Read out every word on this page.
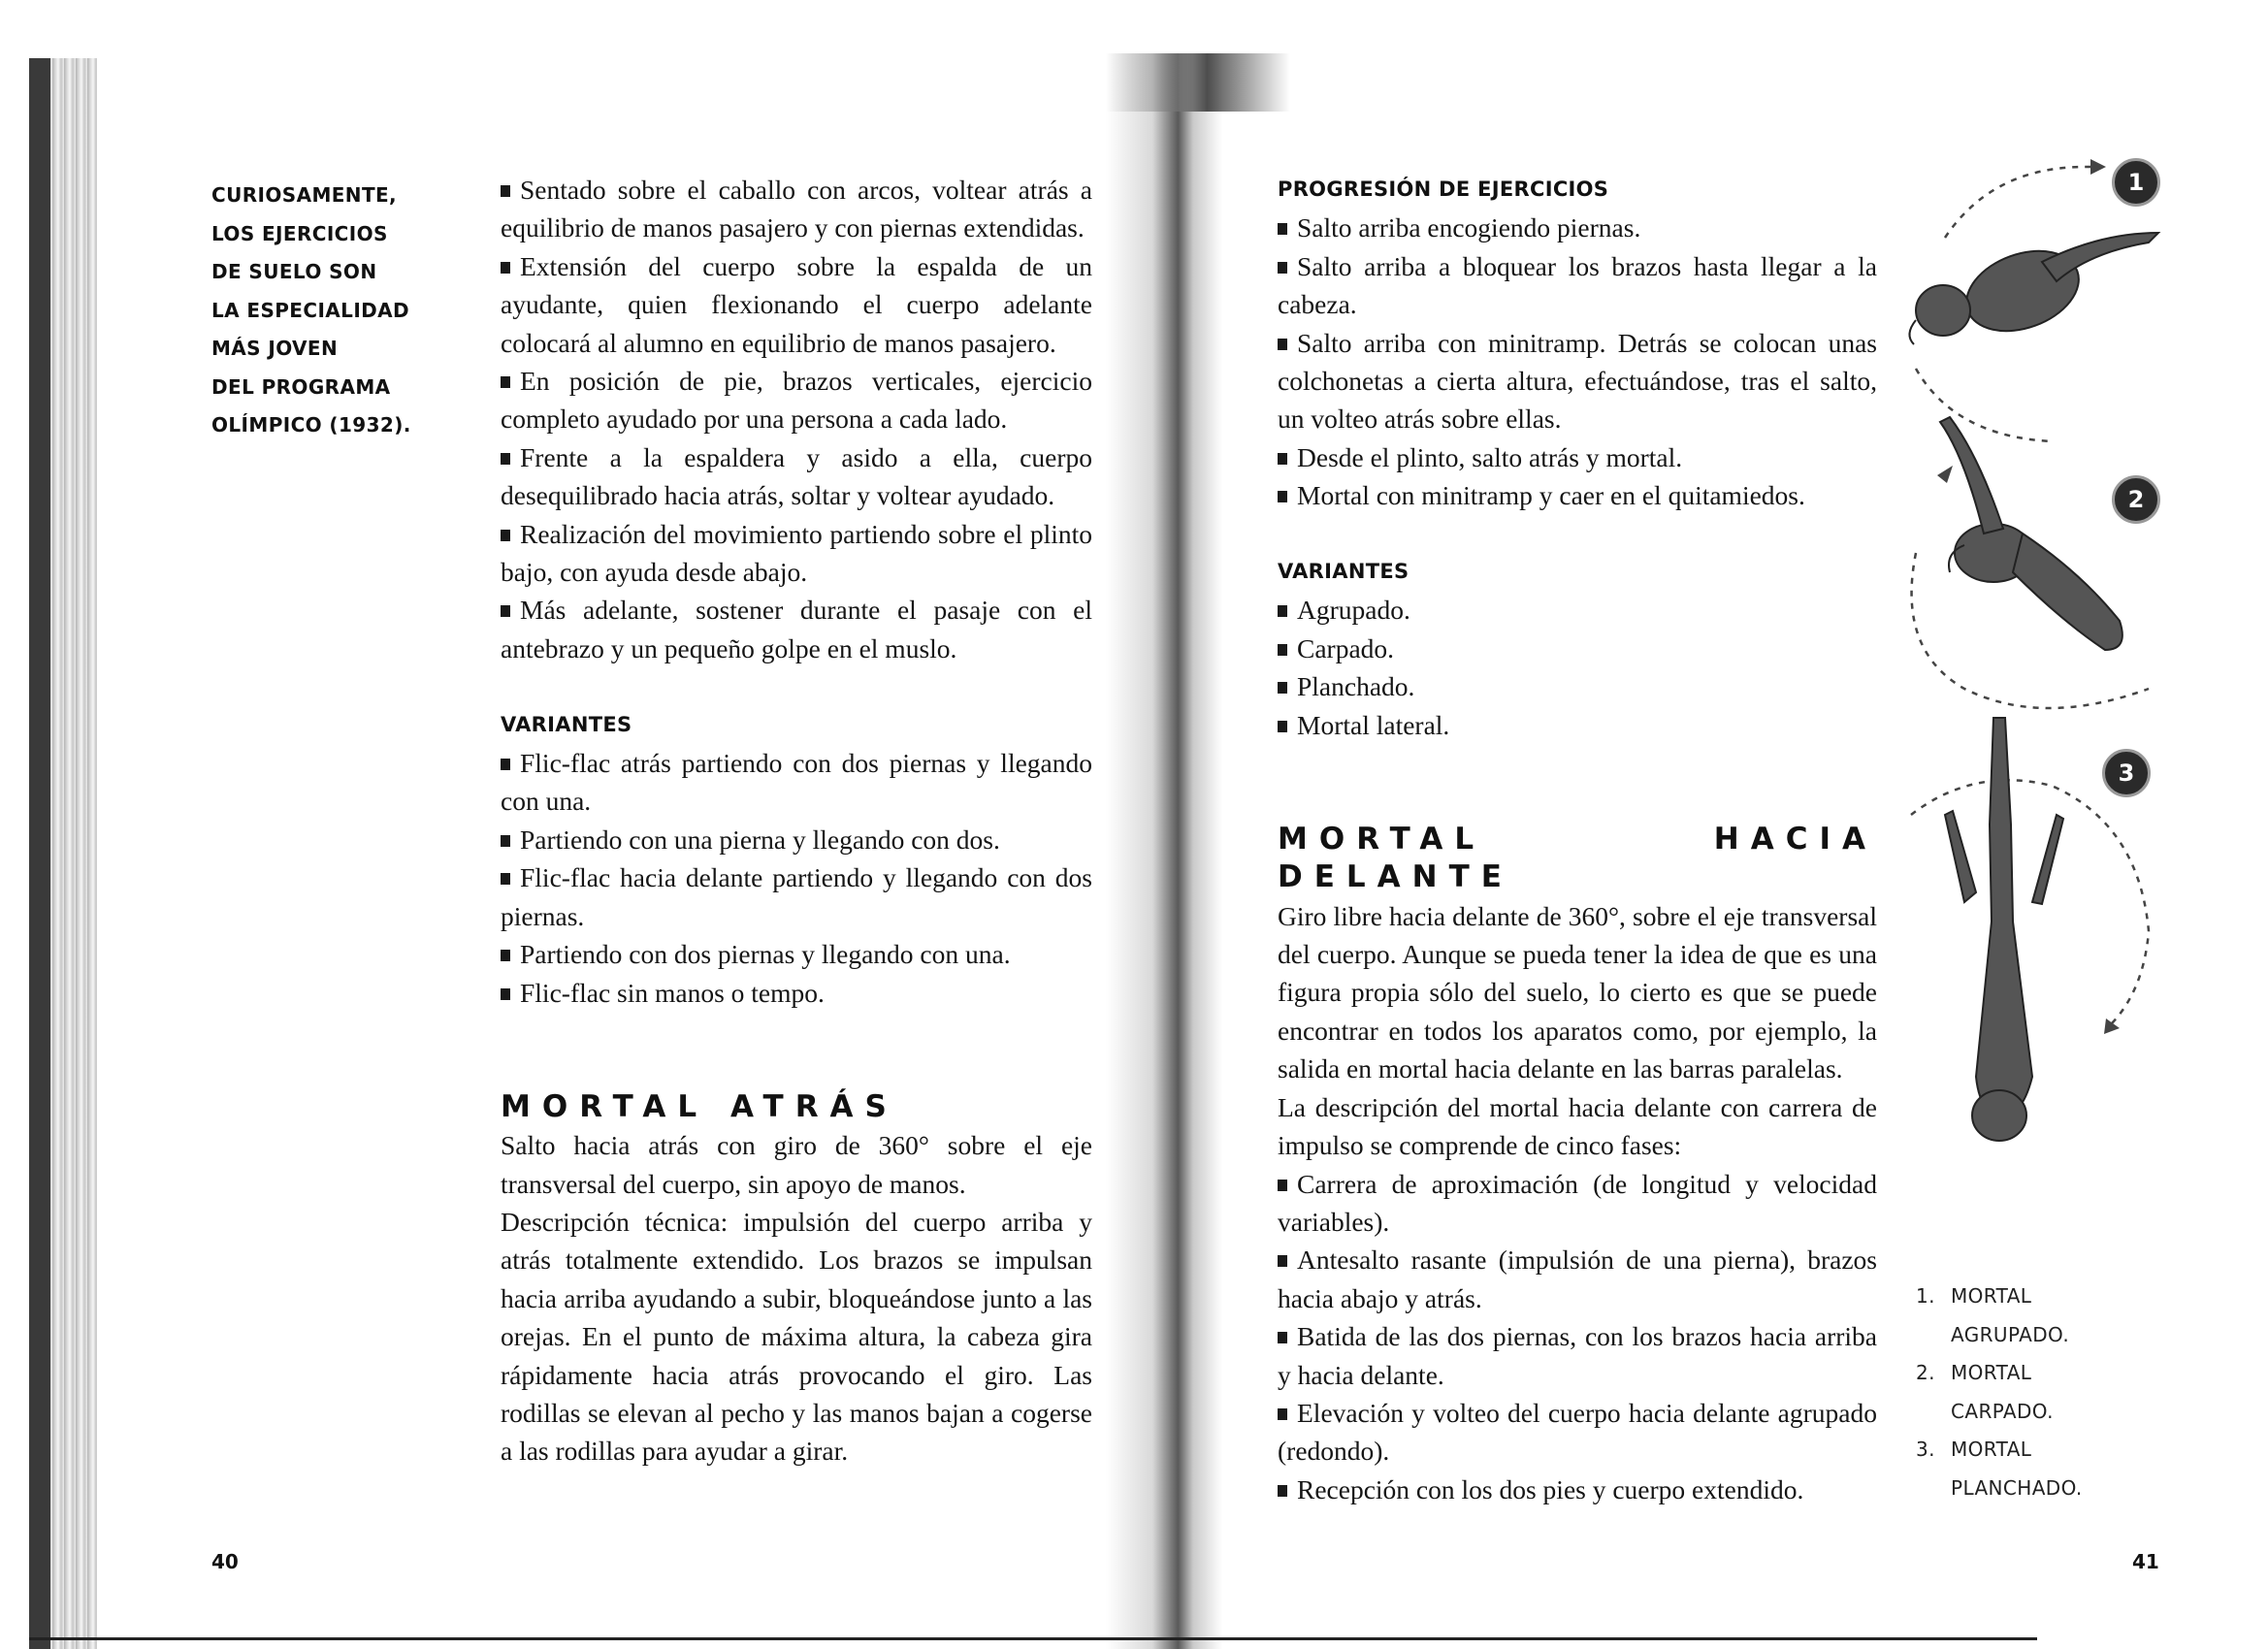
CURIOSAMENTE,
LOS EJERCICIOS
DE SUELO SON
LA ESPECIALIDAD
MÁS JOVEN
DEL PROGRAMA
OLÍMPICO (1932).

Sentado sobre el caballo con arcos, voltear atrás a equilibrio de manos pasajero y con piernas extendidas.

Extensión del cuerpo sobre la espalda de un ayudante, quien flexionando el cuerpo adelante colocará al alumno en equilibrio de manos pasajero.

En posición de pie, brazos verticales, ejercicio completo ayudado por una persona a cada lado.

Frente a la espaldera y asido a ella, cuerpo desequilibrado hacia atrás, soltar y voltear ayudado.

Realización del movimiento partiendo sobre el plinto bajo, con ayuda desde abajo.

Más adelante, sostener durante el pasaje con el antebrazo y un pequeño golpe en el muslo.

VARIANTES

Flic-flac atrás partiendo con dos piernas y llegando con una.

Partiendo con una pierna y llegando con dos.

Flic-flac hacia delante partiendo y llegando con dos piernas.

Partiendo con dos piernas y llegando con una.

Flic-flac sin manos o tempo.

MORTAL ATRÁS

Salto hacia atrás con giro de 360° sobre el eje transversal del cuerpo, sin apoyo de manos.

Descripción técnica: impulsión del cuerpo arriba y atrás totalmente extendido. Los brazos se impulsan hacia arriba ayudando a subir, bloqueándose junto a las orejas. En el punto de máxima altura, la cabeza gira rápidamente hacia atrás provocando el giro. Las rodillas se elevan al pecho y las manos bajan a cogerse a las rodillas para ayudar a girar.

40

PROGRESIÓN DE EJERCICIOS

Salto arriba encogiendo piernas.

Salto arriba a bloquear los brazos hasta llegar a la cabeza.

Salto arriba con minitramp. Detrás se colocan unas colchonetas a cierta altura, efectuándose, tras el salto, un volteo atrás sobre ellas.

Desde el plinto, salto atrás y mortal.

Mortal con minitramp y caer en el quitamiedos.

VARIANTES

Agrupado.

Carpado.

Planchado.

Mortal lateral.

MORTAL HACIA DELANTE

Giro libre hacia delante de 360°, sobre el eje transversal del cuerpo. Aunque se pueda tener la idea de que es una figura propia sólo del suelo, lo cierto es que se puede encontrar en todos los aparatos como, por ejemplo, la salida en mortal hacia delante en las barras paralelas.

La descripción del mortal hacia delante con carrera de impulso se comprende de cinco fases:

Carrera de aproximación (de longitud y velocidad variables).

Antesalto rasante (impulsión de una pierna), brazos hacia abajo y atrás.

Batida de las dos piernas, con los brazos hacia arriba y hacia delante.

Elevación y volteo del cuerpo hacia delante agrupado (redondo).

Recepción con los dos pies y cuerpo extendido.

1
2
3
1. MORTAL
AGRUPADO.
2. MORTAL
CARPADO.
3. MORTAL
PLANCHADO.
41
